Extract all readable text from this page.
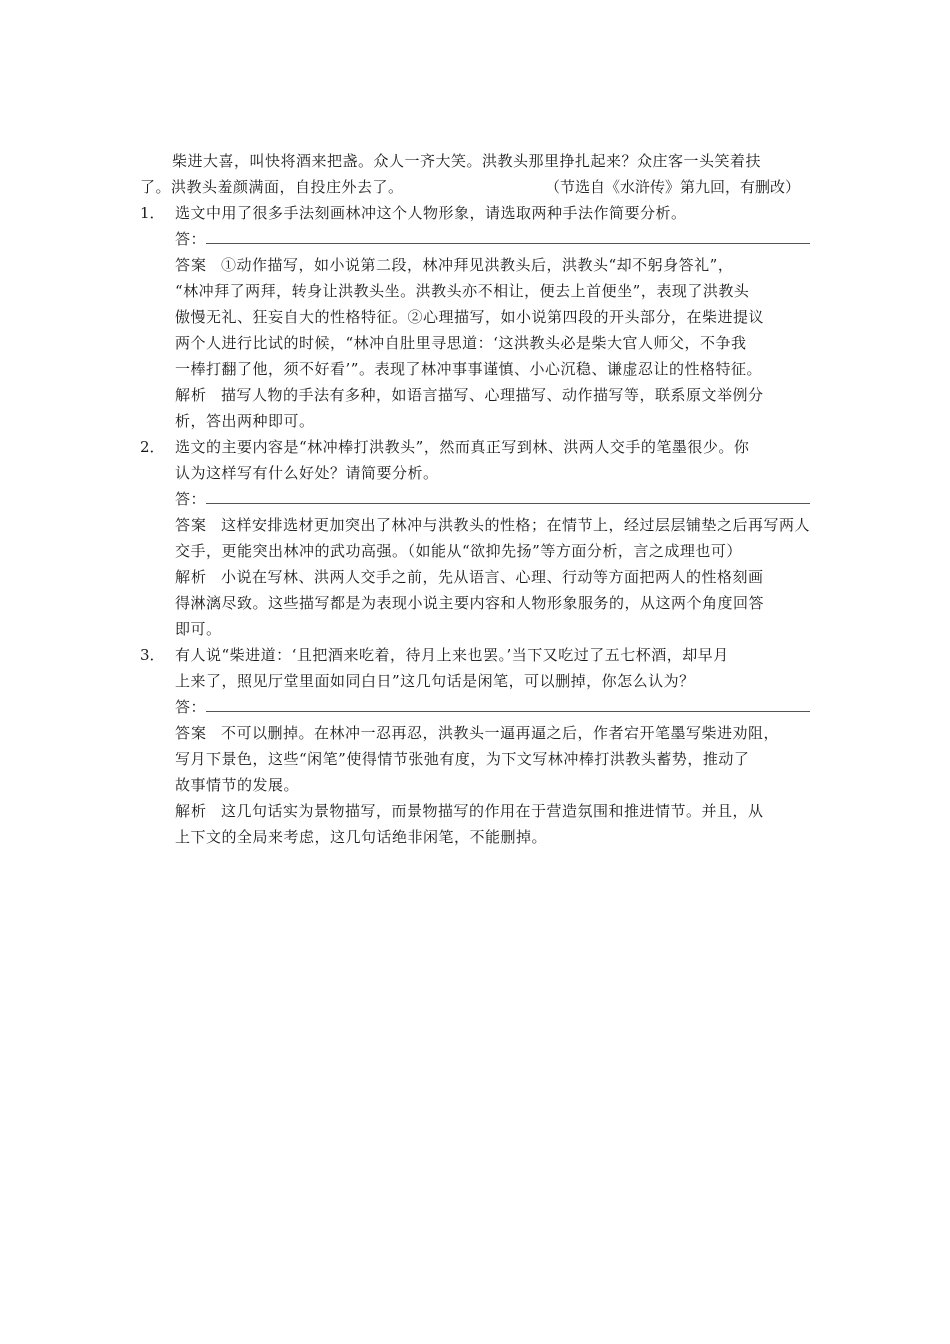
柴进大喜，叫快将酒来把盏。众人一齐大笑。洪教头那里挣扎起来？众庄客一头笑着扶
了。洪教头羞颜满面，自投庄外去了。	（节选自《水浒传》第九回，有删改）
1． 选文中用了很多手法刻画林冲这个人物形象，请选取两种手法作简要分析。
答：
答案 ①动作描写，如小说第二段，林冲拜见洪教头后，洪教头“却不躬身答礼”，
“林冲拜了两拜，转身让洪教头坐。洪教头亦不相让，便去上首便坐”，表现了洪教头
傲慢无礼、狂妄自大的性格特征。②心理描写，如小说第四段的开头部分，在柴进提议
两个人进行比试的时候，“林冲自肚里寻思道：‘这洪教头必是柴大官人师父，不争我
一棒打翻了他，须不好看’”。表现了林冲事事谨慎、小心沉稳、谦虚忍让的性格特征。
解析 描写人物的手法有多种，如语言描写、心理描写、动作描写等，联系原文举例分
析，答出两种即可。
2． 选文的主要内容是“林冲棒打洪教头”，然而真正写到林、洪两人交手的笔墨很少。你
认为这样写有什么好处？请简要分析。
答：
答案 这样安排选材更加突出了林冲与洪教头的性格；在情节上，经过层层铺垫之后再写两人
交手，更能突出林冲的武功高强。（如能从“欲抑先扬”等方面分析，言之成理也可）
解析 小说在写林、洪两人交手之前，先从语言、心理、行动等方面把两人的性格刻画
得淋漓尽致。这些描写都是为表现小说主要内容和人物形象服务的，从这两个角度回答
即可。
3． 有人说“柴进道：‘且把酒来吃着，待月上来也罢。’当下又吃过了五七杯酒，却早月
上来了，照见厅堂里面如同白日”这几句话是闲笔，可以删掉，你怎么认为？
答：
答案 不可以删掉。在林冲一忍再忍，洪教头一逼再逼之后，作者宕开笔墨写柴进劝阻，
写月下景色，这些“闲笔”使得情节张弛有度，为下文写林冲棒打洪教头蓄势，推动了
故事情节的发展。
解析 这几句话实为景物描写，而景物描写的作用在于营造氛围和推进情节。并且，从
上下文的全局来考虑，这几句话绝非闲笔，不能删掉。
